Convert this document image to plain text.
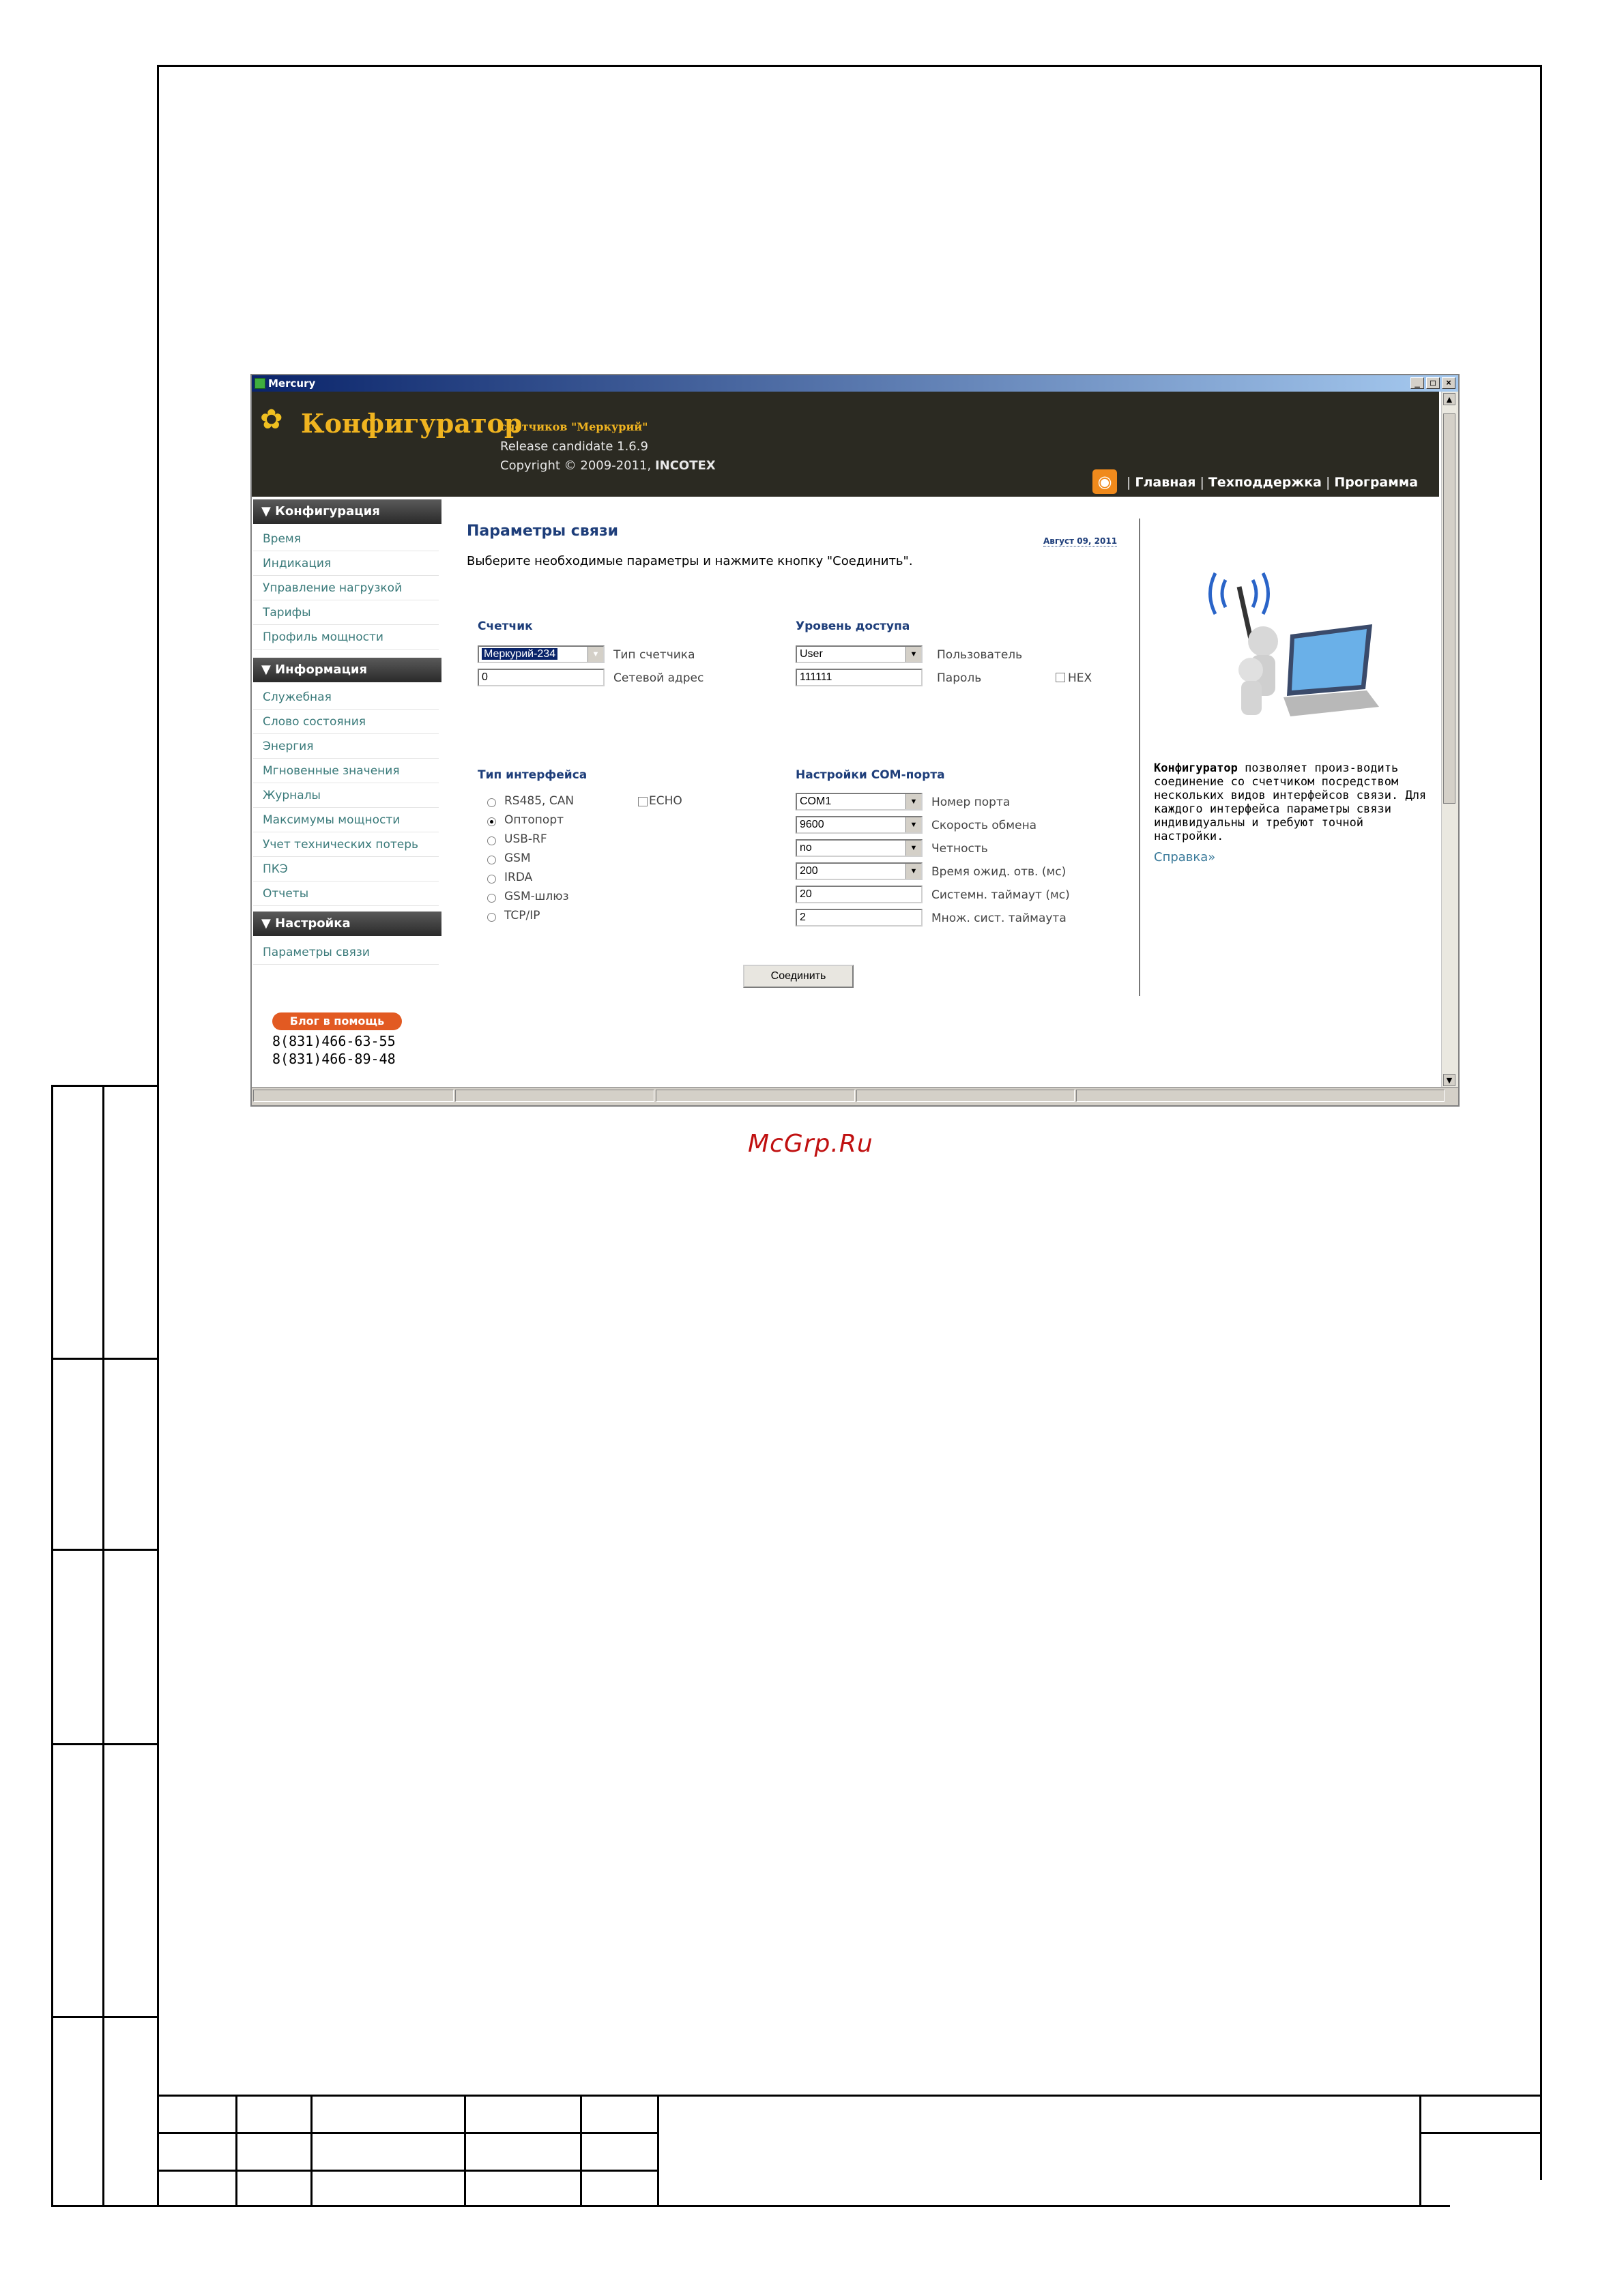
McGrp.Ru
Mercury	_	□	×
✿ Конфигуратор
счетчиков "Меркурий"
Release candidate 1.6.9
Copyright © 2009-2011, INCOTEX
◉	| Главная | Техподдержка | Программа
▲
▼
▼ Конфигурация
Время
Индикация
Управление нагрузкой
Тарифы
Профиль мощности
▼ Информация
Служебная
Слово состояния
Энергия
Мгновенные значения
Журналы
Максимумы мощности
Учет технических потерь
ПКЭ
Отчеты
▼ Настройка
Параметры связи
Блог в помощь
8(831)466-63-55
8(831)466-89-48
Параметры связи
Август 09, 2011
Выберите необходимые параметры и нажмите кнопку "Соединить".
Счетчик
Меркурий-234	▼	Тип счетчика
0	Сетевой адрес
Уровень доступа
User	▼	Пользователь
111111	Пароль	HEX
Тип интерфейса
RS485, CAN	ECHO
Оптопорт
USB-RF
GSM
IRDA
GSM-шлюз
TCP/IP
Настройки COM-порта
COM1	▼	Номер порта
9600	▼	Скорость обмена
no	▼	Четность
200	▼	Время ожид. отв. (мс)
20	Системн. таймаут (мс)
2	Множ. сист. таймаута
Соединить
Конфигуратор позволяет произ-водить соединение со счетчиком посредством нескольких видов интерфейсов связи. Для каждого интерфейса параметры связи индивидуальны и требуют точной настройки.
Справка»
